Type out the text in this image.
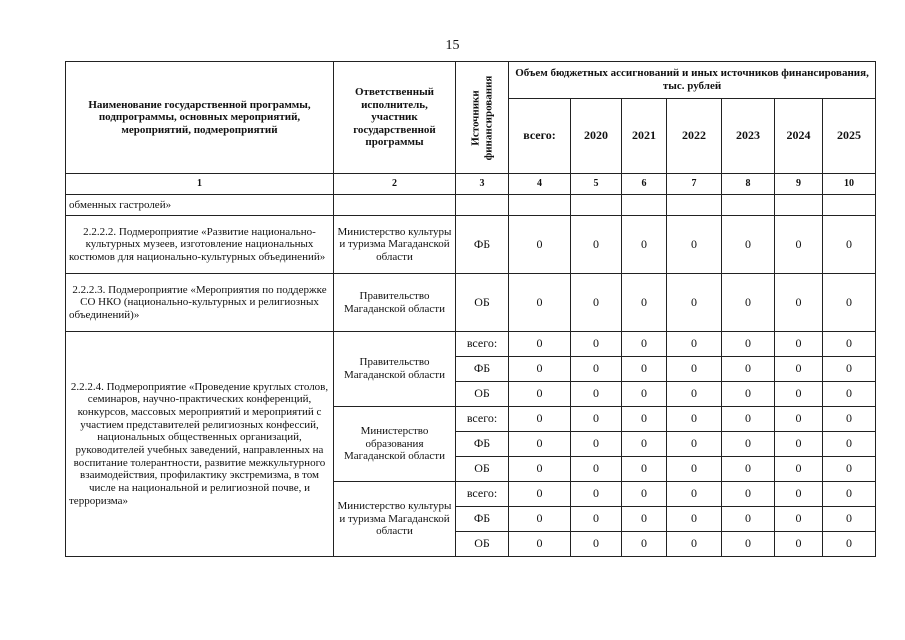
15
Наименование государственной программы, подпрограммы, основных мероприятий, мероприятий, подмероприятий	Ответственный исполнитель, участник государственной программы	Источники финансирования	Объем бюджетных ассигнований и иных источников финансирования, тыс. рублей						
			всего:	2020	2021	2022	2023	2024	2025
1	2	3	4	5	6	7	8	9	10
обменных гастролей»									
2.2.2.2. Подмероприятие «Развитие национально-культурных музеев, изготовление национальных костюмов для национально-культурных объединений»	Министерство культуры и туризма Магаданской области	ФБ	0	0	0	0	0	0	0
2.2.2.3. Подмероприятие «Мероприятия по поддержке СО НКО (национально-культурных и религиозных объединений)»	Правительство Магаданской области	ОБ	0	0	0	0	0	0	0
2.2.2.4. Подмероприятие «Проведение круглых столов, семинаров, научно-практических конференций, конкурсов, массовых мероприятий и мероприятий с участием представителей религиозных конфессий, национальных общественных организаций, руководителей учебных заведений, направленных на воспитание толерантности, развитие межкультурного взаимодействия, профилактику экстремизма, в том числе на национальной и религиозной почве, и терроризма»	Правительство Магаданской области	всего:	0	0	0	0	0	0	0
		ФБ	0	0	0	0	0	0	0
		ОБ	0	0	0	0	0	0	0
	Министерство образования Магаданской области	всего:	0	0	0	0	0	0	0
		ФБ	0	0	0	0	0	0	0
		ОБ	0	0	0	0	0	0	0
	Министерство культуры и туризма Магаданской области	всего:	0	0	0	0	0	0	0
		ФБ	0	0	0	0	0	0	0
		ОБ	0	0	0	0	0	0	0
